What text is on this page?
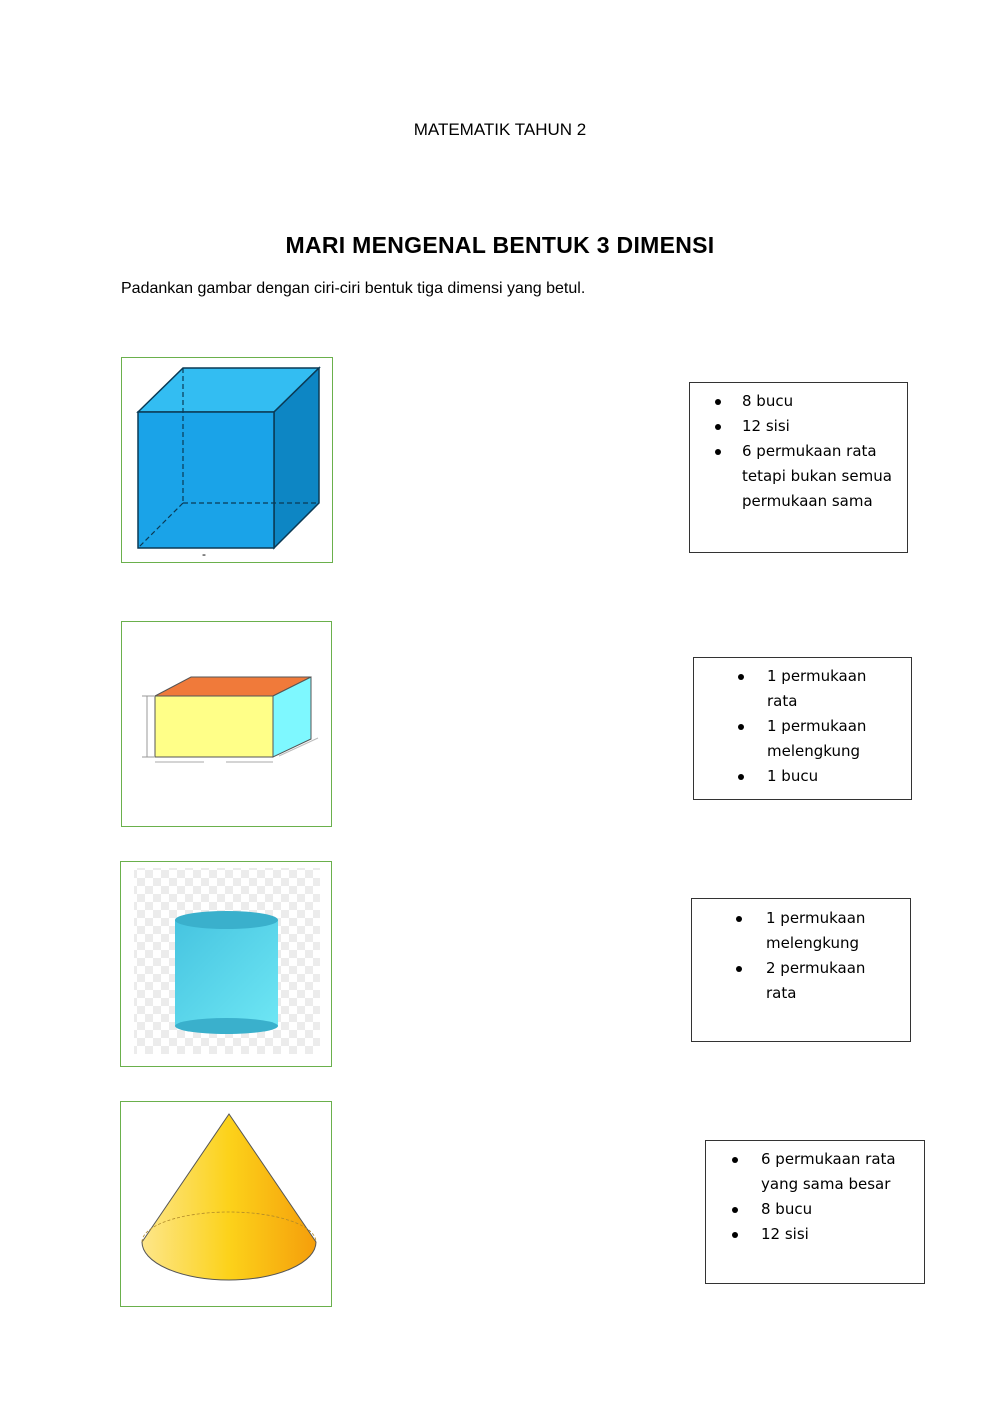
MATEMATIK TAHUN 2
MARI MENGENAL BENTUK 3 DIMENSI
Padankan gambar dengan ciri-ciri bentuk tiga dimensi yang betul.
-
8 bucu
12 sisi
6 permukaan rata tetapi bukan semua permukaan sama
1 permukaan rata
1 permukaan melengkung
1 bucu
1 permukaan melengkung
2 permukaan rata
6 permukaan rata yang sama besar
8 bucu
12 sisi
